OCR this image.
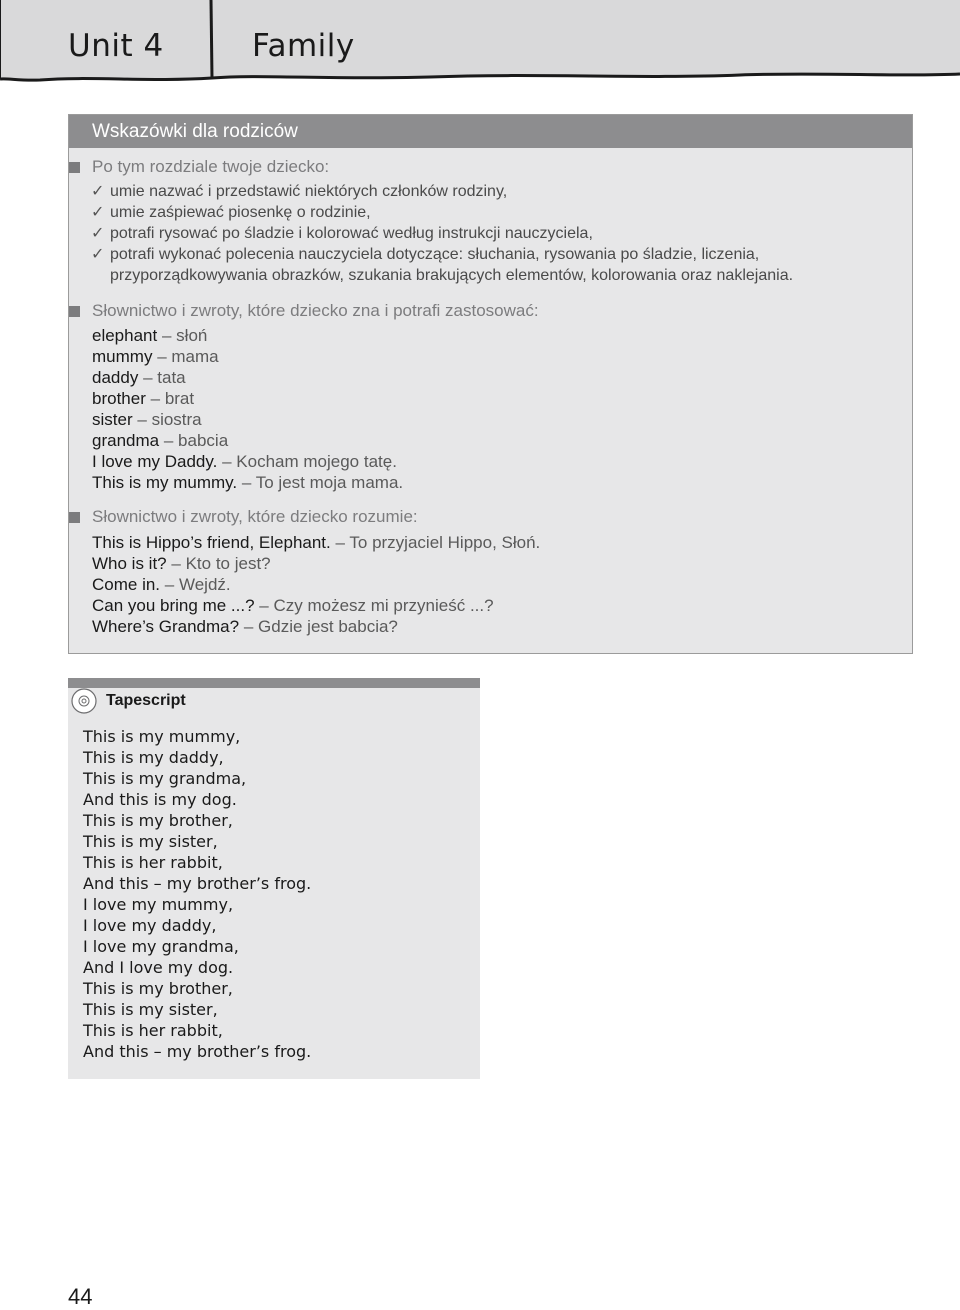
Unit 4	Family
Wskazówki dla rodziców
Po tym rozdziale twoje dziecko:
✓ umie nazwać i przedstawić niektórych członków rodziny,
✓ umie zaśpiewać piosenkę o rodzinie,
✓ potrafi rysować po śladzie i kolorować według instrukcji nauczyciela,
✓ potrafi wykonać polecenia nauczyciela dotyczące: słuchania, rysowania po śladzie, liczenia,
przyporządkowywania obrazków, szukania brakujących elementów, kolorowania oraz naklejania.
Słownictwo i zwroty, które dziecko zna i potrafi zastosować:
elephant – słoń
mummy – mama
daddy – tata
brother – brat
sister – siostra
grandma – babcia
I love my Daddy. – Kocham mojego tatę.
This is my mummy. – To jest moja mama.
Słownictwo i zwroty, które dziecko rozumie:
This is Hippo’s friend, Elephant. – To przyjaciel Hippo, Słoń.
Who is it? – Kto to jest?
Come in. – Wejdź.
Can you bring me ...? – Czy możesz mi przynieść ...?
Where’s Grandma? – Gdzie jest babcia?
Tapescript
This is my mummy,
This is my daddy,
This is my grandma,
And this is my dog.
This is my brother,
This is my sister,
This is her rabbit,
And this – my brother’s frog.
I love my mummy,
I love my daddy,
I love my grandma,
And I love my dog.
This is my brother,
This is my sister,
This is her rabbit,
And this – my brother’s frog.
44
